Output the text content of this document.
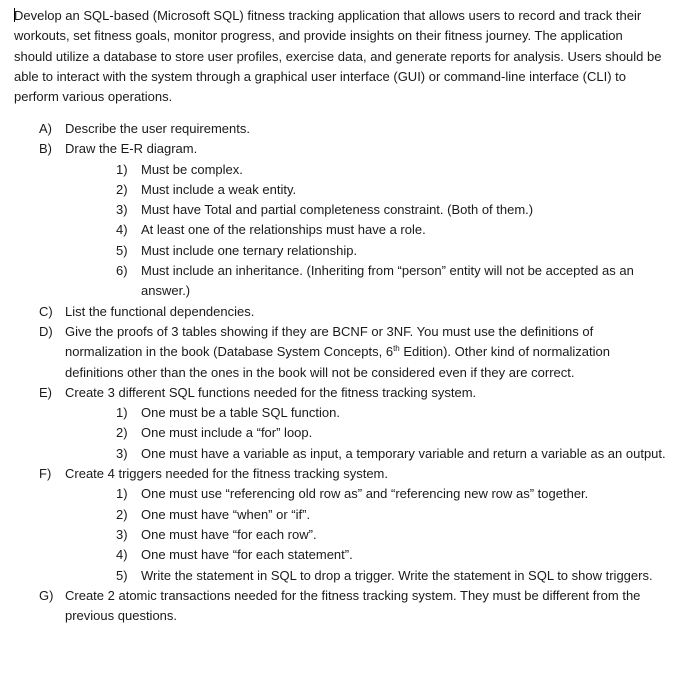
Develop an SQL-based (Microsoft SQL) fitness tracking application that allows users to record and track their workouts, set fitness goals, monitor progress, and provide insights on their fitness journey. The application should utilize a database to store user profiles, exercise data, and generate reports for analysis. Users should be able to interact with the system through a graphical user interface (GUI) or command-line interface (CLI) to perform various operations.

A) Describe the user requirements.
B) Draw the E-R diagram.
1) Must be complex.
2) Must include a weak entity.
3) Must have Total and partial completeness constraint. (Both of them.)
4) At least one of the relationships must have a role.
5) Must include one ternary relationship.
6) Must include an inheritance. (Inheriting from “person” entity will not be accepted as an answer.)
C) List the functional dependencies.
D) Give the proofs of 3 tables showing if they are BCNF or 3NF. You must use the definitions of normalization in the book (Database System Concepts, 6th Edition). Other kind of normalization definitions other than the ones in the book will not be considered even if they are correct.
E) Create 3 different SQL functions needed for the fitness tracking system.
1) One must be a table SQL function.
2) One must include a “for” loop.
3) One must have a variable as input, a temporary variable and return a variable as an output.
F) Create 4 triggers needed for the fitness tracking system.
1) One must use “referencing old row as” and “referencing new row as” together.
2) One must have “when” or “if”.
3) One must have “for each row”.
4) One must have “for each statement”.
5) Write the statement in SQL to drop a trigger. Write the statement in SQL to show triggers.
G) Create 2 atomic transactions needed for the fitness tracking system. They must be different from the previous questions.
